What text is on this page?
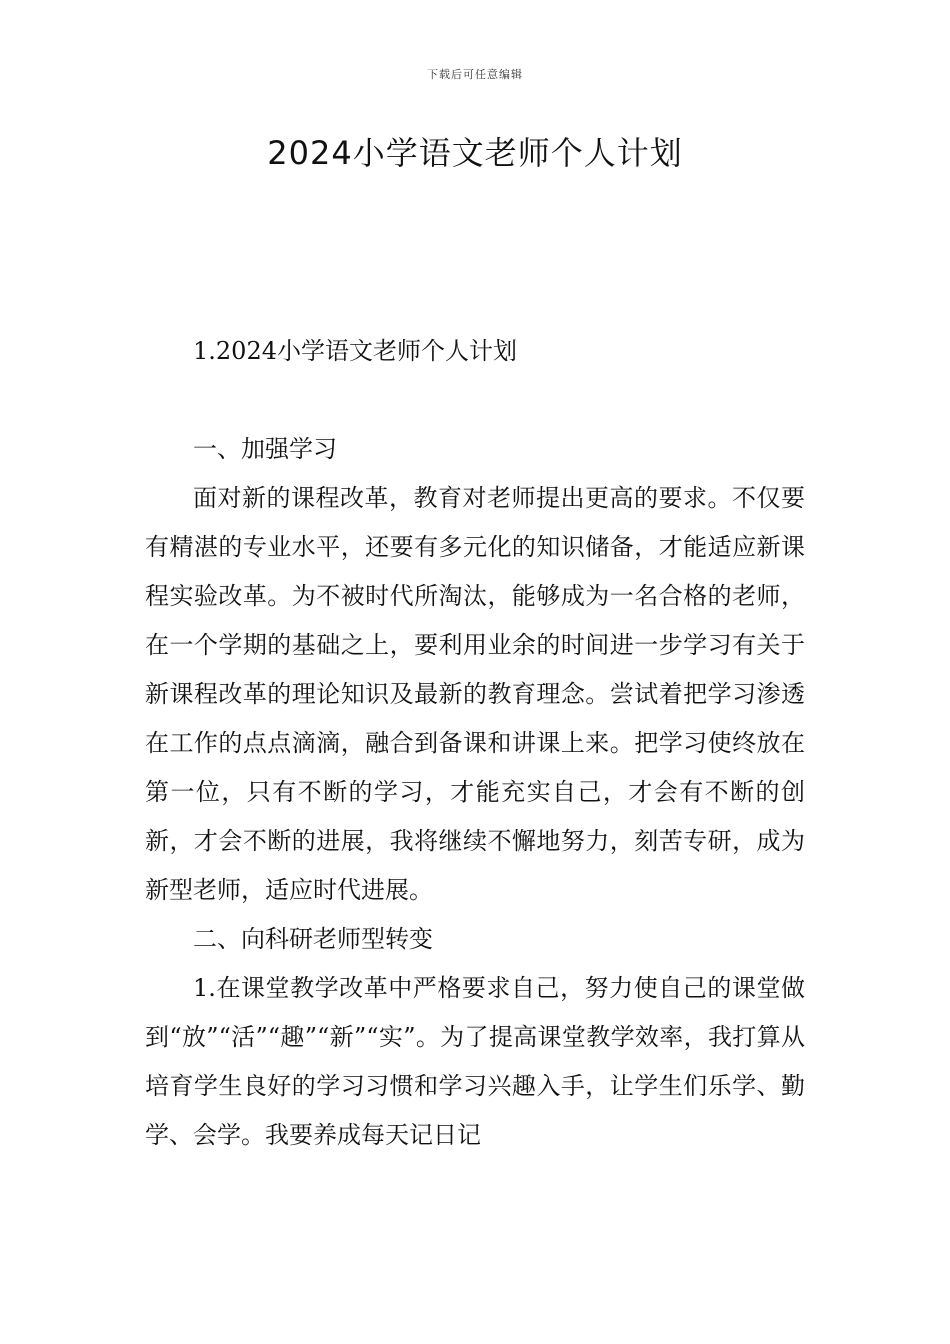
下载后可任意编辑
2024小学语文老师个人计划

1.2024小学语文老师个人计划

一、加强学习

面对新的课程改革，教育对老师提出更高的要求。不仅要有精湛的专业水平，还要有多元化的知识储备，才能适应新课程实验改革。为不被时代所淘汰，能够成为一名合格的老师，在一个学期的基础之上，要利用业余的时间进一步学习有关于新课程改革的理论知识及最新的教育理念。尝试着把学习渗透在工作的点点滴滴，融合到备课和讲课上来。把学习使终放在第一位，只有不断的学习，才能充实自己，才会有不断的创新，才会不断的进展，我将继续不懈地努力，刻苦专研，成为新型老师，适应时代进展。

二、向科研老师型转变

1.在课堂教学改革中严格要求自己，努力使自己的课堂做到“放”“活”“趣”“新”“实”。为了提高课堂教学效率，我打算从培育学生良好的学习习惯和学习兴趣入手，让学生们乐学、勤学、会学。我要养成每天记日记
